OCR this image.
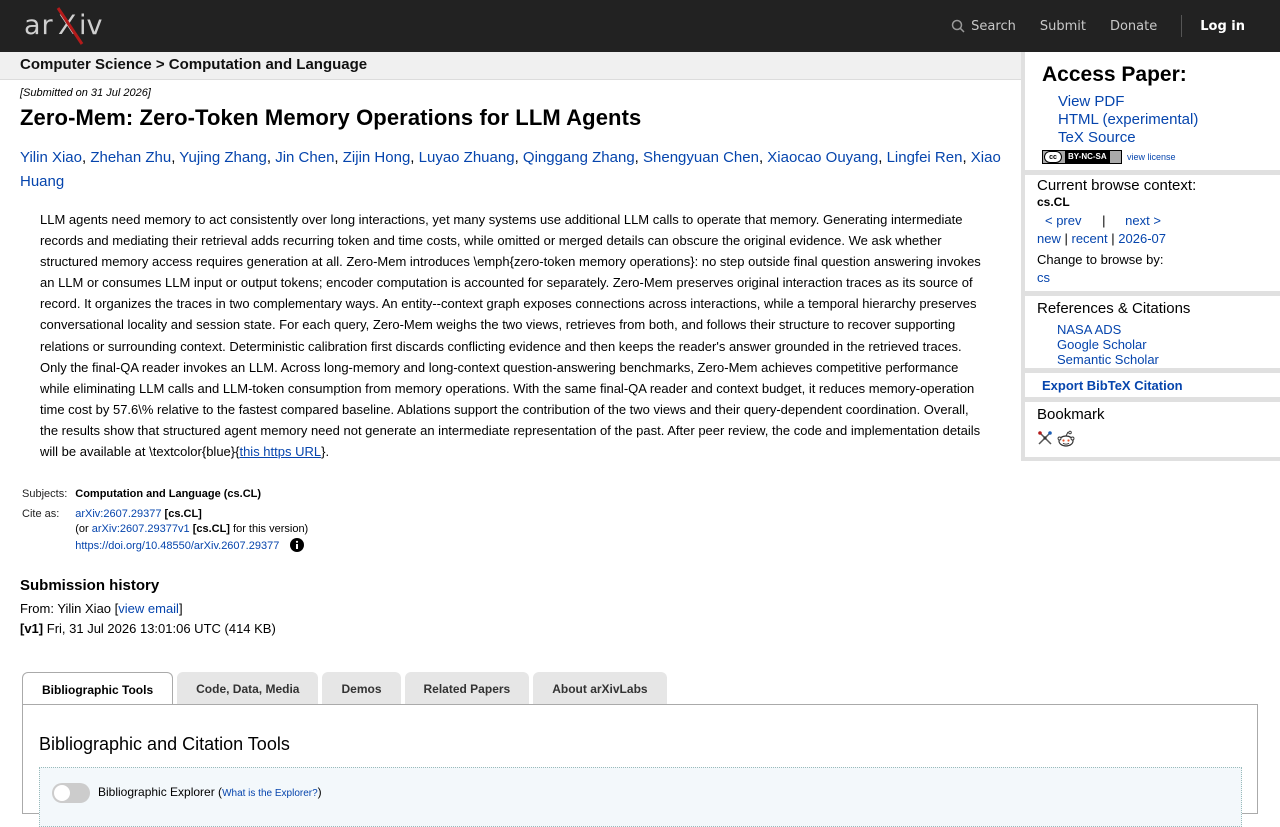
ar X iv	Search Submit Donate	Log in
Computer Science > Computation and Language
[Submitted on 31 Jul 2026]
Zero-Mem: Zero-Token Memory Operations for LLM Agents
Yilin Xiao, Zhehan Zhu, Yujing Zhang, Jin Chen, Zijin Hong, Luyao Zhuang, Qinggang Zhang, Shengyuan Chen, Xiaocao Ouyang, Lingfei Ren, Xiao Huang

LLM agents need memory to act consistently over long interactions, yet many systems use additional LLM calls to operate that memory. Generating intermediate records and mediating their retrieval adds recurring token and time costs, while omitted or merged details can obscure the original evidence. We ask whether structured memory access requires generation at all. Zero-Mem introduces \emph{zero-token memory operations}: no step outside final question answering invokes an LLM or consumes LLM input or output tokens; encoder computation is accounted for separately. Zero-Mem preserves original interaction traces as its source of record. It organizes the traces in two complementary ways. An entity--context graph exposes connections across interactions, while a temporal hierarchy preserves conversational locality and session state. For each query, Zero-Mem weighs the two views, retrieves from both, and follows their structure to recover supporting relations or surrounding context. Deterministic calibration first discards conflicting evidence and then keeps the reader's answer grounded in the retrieved traces. Only the final-QA reader invokes an LLM. Across long-memory and long-context question-answering benchmarks, Zero-Mem achieves competitive performance while eliminating LLM calls and LLM-token consumption from memory operations. With the same final-QA reader and context budget, it reduces memory-operation time cost by 57.6\% relative to the fastest compared baseline. Ablations support the contribution of the two views and their query-dependent coordination. Overall, the results show that structured agent memory need not generate an intermediate representation of the past. After peer review, the code and implementation details will be available at \textcolor{blue}{this https URL}.

Subjects:	Computation and Language (cs.CL)
Cite as:	arXiv:2607.29377 [cs.CL]
(or arXiv:2607.29377v1 [cs.CL] for this version)
https://doi.org/10.48550/arXiv.2607.29377
Submission history
From: Yilin Xiao [view email]
[v1] Fri, 31 Jul 2026 13:01:06 UTC (414 KB)
Bibliographic Tools	Code, Data, Media	Demos	Related Papers	About arXivLabs
Bibliographic and Citation Tools
Bibliographic Explorer (What is the Explorer?)
Access Paper:
View PDF
HTML (experimental)
TeX Source
cc	BY-NC-SA	view license
Current browse context:
cs.CL
< prev | next >
new | recent | 2026-07
Change to browse by:
cs
References & Citations
NASA ADS
Google Scholar
Semantic Scholar
Export BibTeX Citation
Bookmark
